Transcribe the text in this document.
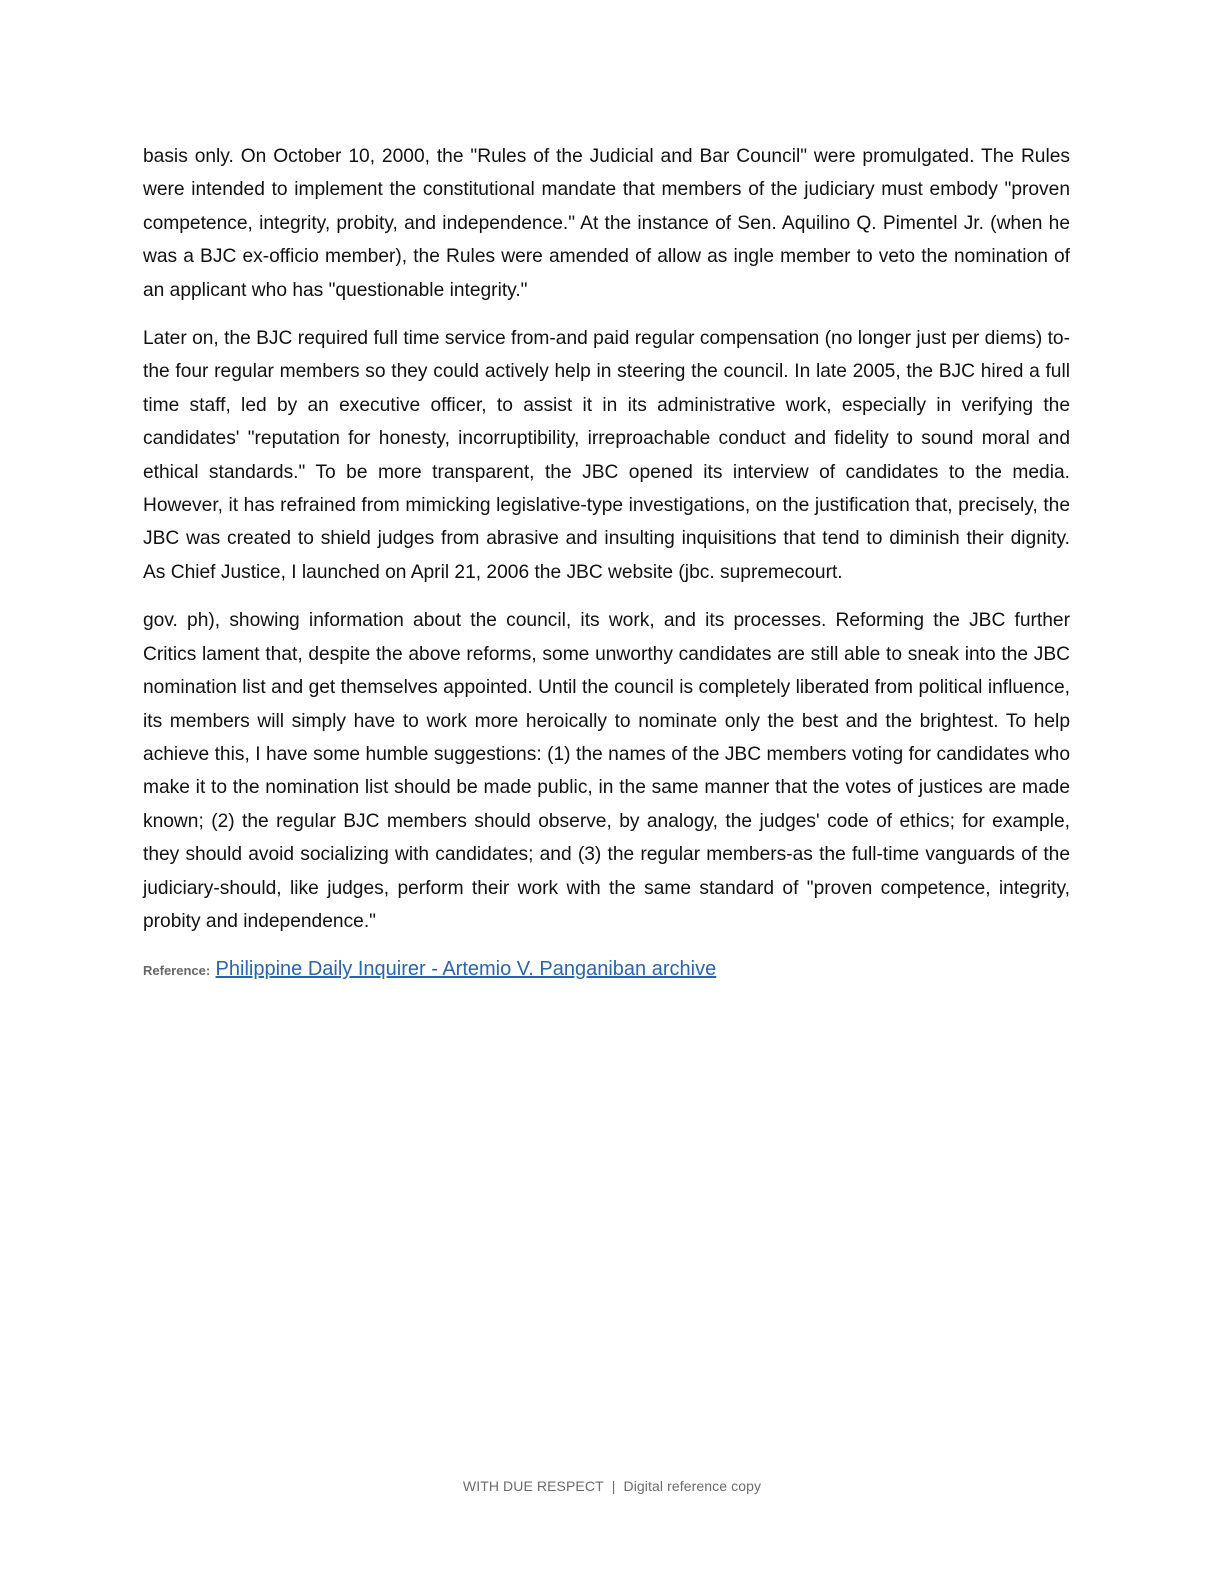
basis only. On October 10, 2000, the "Rules of the Judicial and Bar Council" were promulgated. The Rules were intended to implement the constitutional mandate that members of the judiciary must embody "proven competence, integrity, probity, and independence." At the instance of Sen. Aquilino Q. Pimentel Jr. (when he was a BJC ex-officio member), the Rules were amended of allow as ingle member to veto the nomination of an applicant who has "questionable integrity."

Later on, the BJC required full time service from-and paid regular compensation (no longer just per diems) to-the four regular members so they could actively help in steering the council. In late 2005, the BJC hired a full time staff, led by an executive officer, to assist it in its administrative work, especially in verifying the candidates' "reputation for honesty, incorruptibility, irreproachable conduct and fidelity to sound moral and ethical standards." To be more transparent, the JBC opened its interview of candidates to the media. However, it has refrained from mimicking legislative-type investigations, on the justification that, precisely, the JBC was created to shield judges from abrasive and insulting inquisitions that tend to diminish their dignity. As Chief Justice, I launched on April 21, 2006 the JBC website (jbc. supremecourt.

gov. ph), showing information about the council, its work, and its processes. Reforming the JBC further Critics lament that, despite the above reforms, some unworthy candidates are still able to sneak into the JBC nomination list and get themselves appointed. Until the council is completely liberated from political influence, its members will simply have to work more heroically to nominate only the best and the brightest. To help achieve this, I have some humble suggestions: (1) the names of the JBC members voting for candidates who make it to the nomination list should be made public, in the same manner that the votes of justices are made known; (2) the regular BJC members should observe, by analogy, the judges' code of ethics; for example, they should avoid socializing with candidates; and (3) the regular members-as the full-time vanguards of the judiciary-should, like judges, perform their work with the same standard of "proven competence, integrity, probity and independence."

Reference: Philippine Daily Inquirer - Artemio V. Panganiban archive
WITH DUE RESPECT | Digital reference copy
